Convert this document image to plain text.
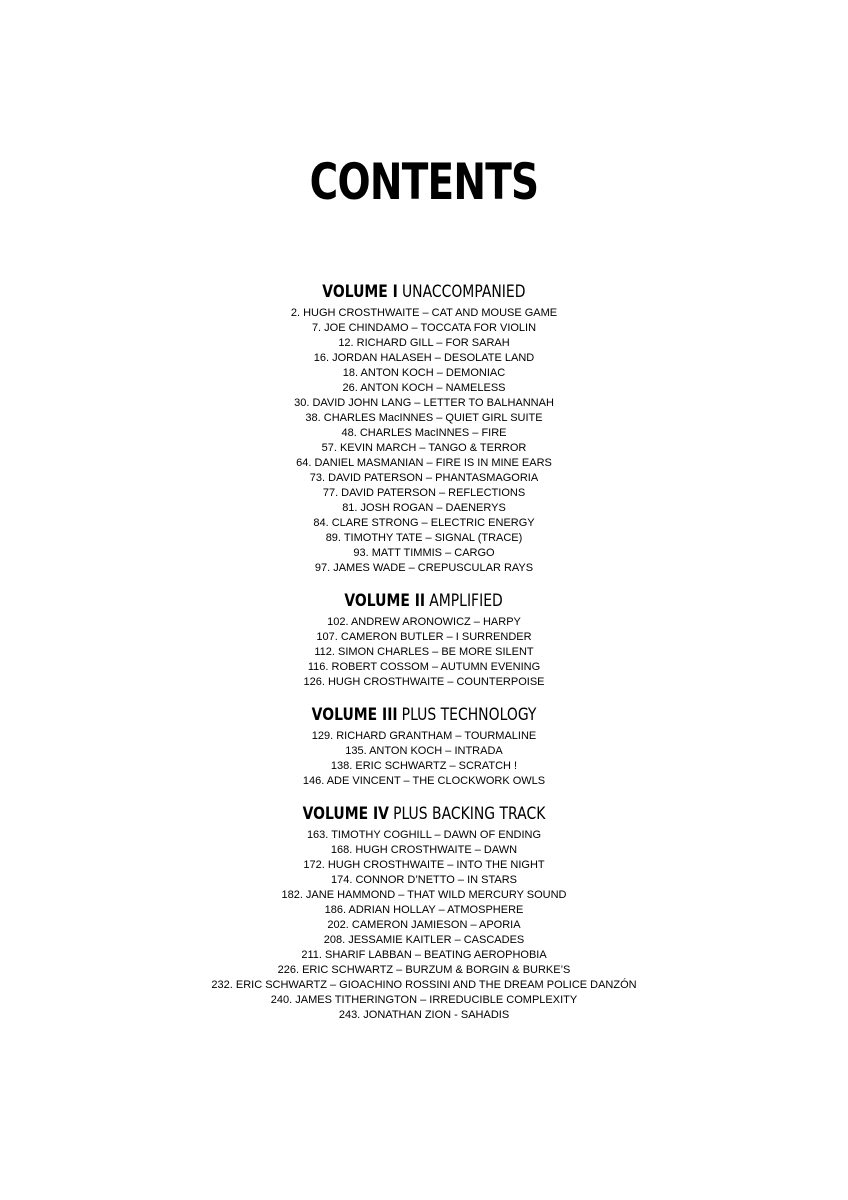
CONTENTS
VOLUME I UNACCOMPANIED
2. HUGH CROSTHWAITE – CAT AND MOUSE GAME
7. JOE CHINDAMO – TOCCATA FOR VIOLIN
12. RICHARD GILL – FOR SARAH
16. JORDAN HALASEH – DESOLATE LAND
18. ANTON KOCH – DEMONIAC
26. ANTON KOCH – NAMELESS
30. DAVID JOHN LANG – LETTER TO BALHANNAH
38. CHARLES MacINNES – QUIET GIRL SUITE
48. CHARLES MacINNES – FIRE
57. KEVIN MARCH – TANGO & TERROR
64. DANIEL MASMANIAN – FIRE IS IN MINE EARS
73. DAVID PATERSON – PHANTASMAGORIA
77. DAVID PATERSON – REFLECTIONS
81. JOSH ROGAN – DAENERYS
84. CLARE STRONG – ELECTRIC ENERGY
89. TIMOTHY TATE – SIGNAL (TRACE)
93. MATT TIMMIS – CARGO
97. JAMES WADE – CREPUSCULAR RAYS
VOLUME II AMPLIFIED
102. ANDREW ARONOWICZ – HARPY
107. CAMERON BUTLER – I SURRENDER
112. SIMON CHARLES – BE MORE SILENT
116. ROBERT COSSOM – AUTUMN EVENING
126. HUGH CROSTHWAITE – COUNTERPOISE
VOLUME III PLUS TECHNOLOGY
129. RICHARD GRANTHAM – TOURMALINE
135. ANTON KOCH – INTRADA
138. ERIC SCHWARTZ – SCRATCH !
146. ADE VINCENT – THE CLOCKWORK OWLS
VOLUME IV PLUS BACKING TRACK
163. TIMOTHY COGHILL – DAWN OF ENDING
168. HUGH CROSTHWAITE – DAWN
172. HUGH CROSTHWAITE – INTO THE NIGHT
174. CONNOR D’NETTO – IN STARS
182. JANE HAMMOND – THAT WILD MERCURY SOUND
186. ADRIAN HOLLAY – ATMOSPHERE
202. CAMERON JAMIESON – APORIA
208. JESSAMIE KAITLER – CASCADES
211. SHARIF LABBAN – BEATING AEROPHOBIA
226. ERIC SCHWARTZ – BURZUM & BORGIN & BURKE’S
232. ERIC SCHWARTZ – GIOACHINO ROSSINI AND THE DREAM POLICE DANZÓN
240. JAMES TITHERINGTON – IRREDUCIBLE COMPLEXITY
243. JONATHAN ZION - SAHADIS
